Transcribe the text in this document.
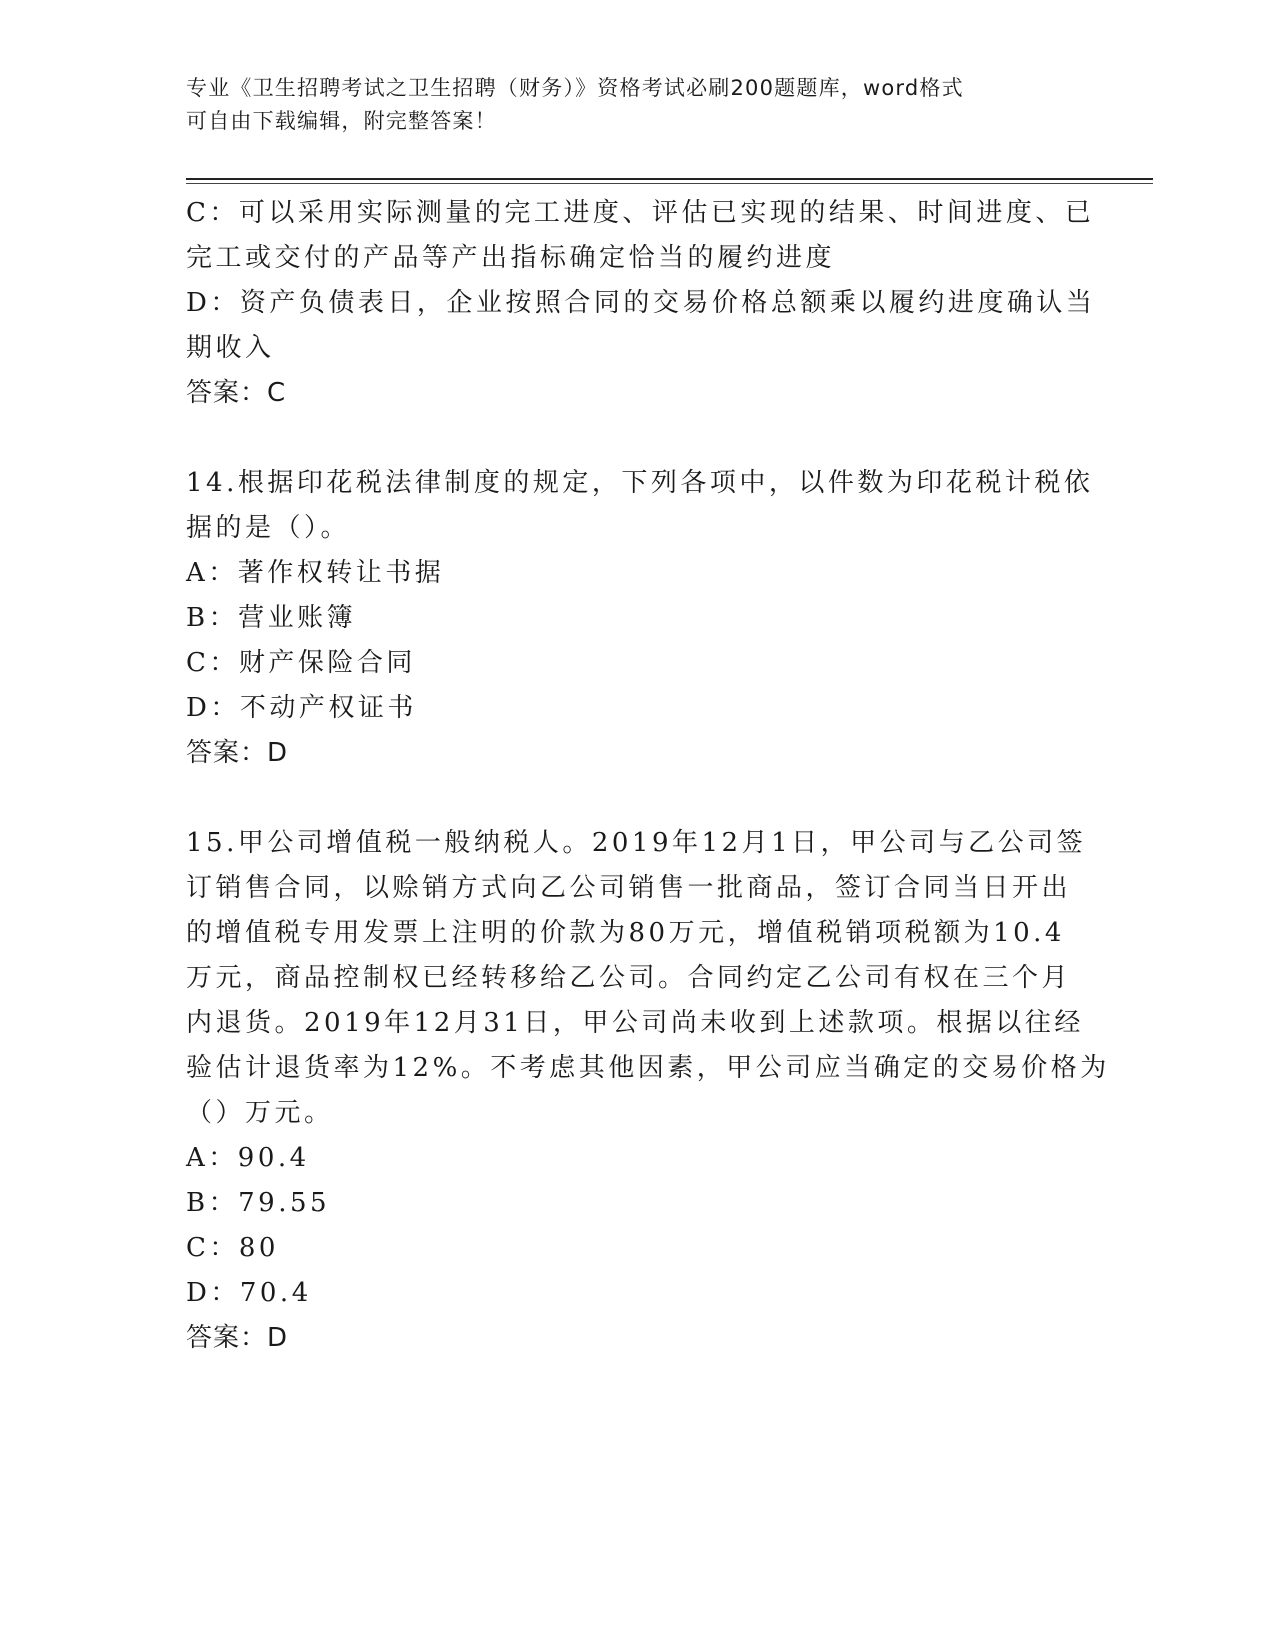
专业《卫生招聘考试之卫生招聘（财务）》资格考试必刷200题题库，word格式
可自由下载编辑，附完整答案！

C：可以采用实际测量的完工进度、评估已实现的结果、时间进度、已

完工或交付的产品等产出指标确定恰当的履约进度

D：资产负债表日，企业按照合同的交易价格总额乘以履约进度确认当

期收入

答案：C

14.根据印花税法律制度的规定，下列各项中，以件数为印花税计税依

据的是（）。

A：著作权转让书据

B：营业账簿

C：财产保险合同

D：不动产权证书

答案：D

15.甲公司增值税一般纳税人。2019年12月1日，甲公司与乙公司签

订销售合同，以赊销方式向乙公司销售一批商品，签订合同当日开出

的增值税专用发票上注明的价款为80万元，增值税销项税额为10.4

万元，商品控制权已经转移给乙公司。合同约定乙公司有权在三个月

内退货。2019年12月31日，甲公司尚未收到上述款项。根据以往经

验估计退货率为12%。不考虑其他因素，甲公司应当确定的交易价格为

（）万元。

A：90.4

B：79.55

C：80

D：70.4

答案：D
